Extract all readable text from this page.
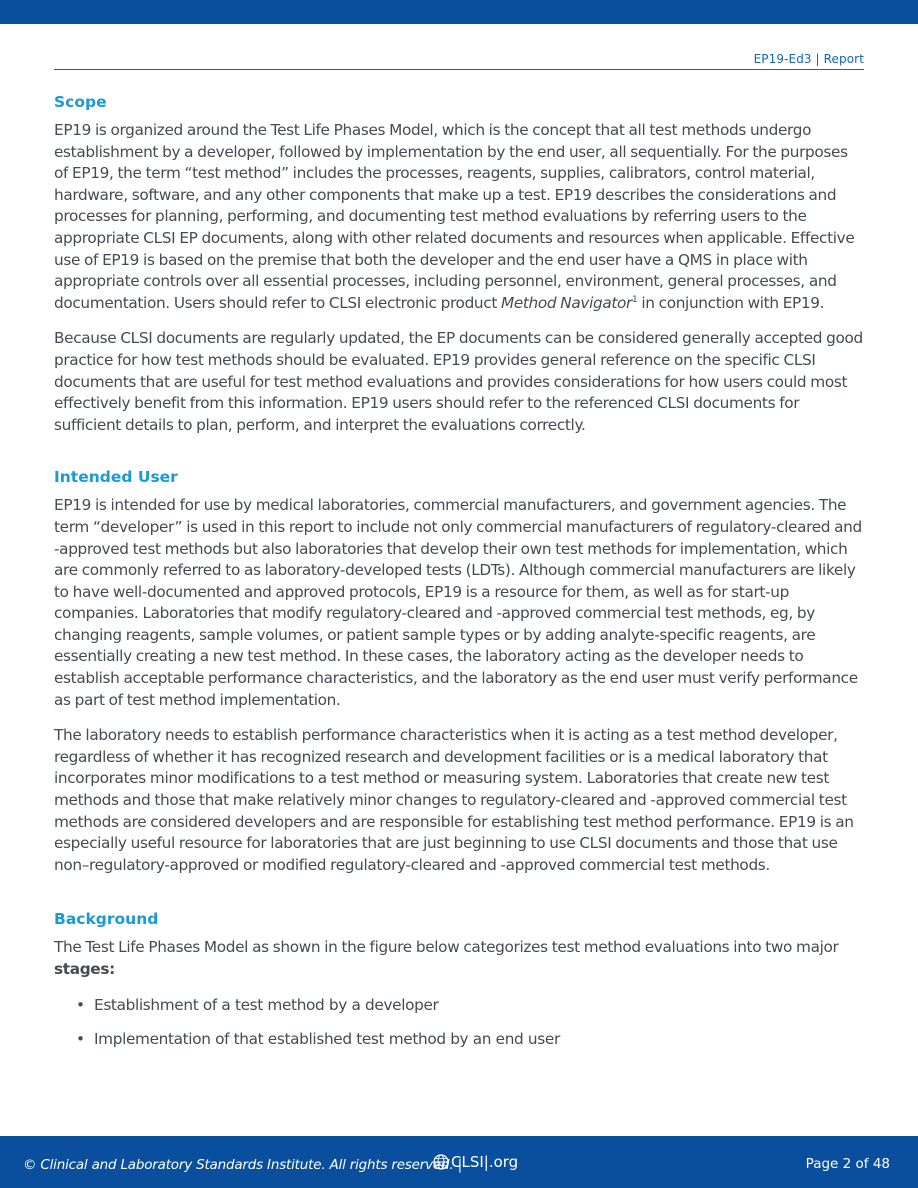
EP19-Ed3 | Report
Scope

EP19 is organized around the Test Life Phases Model, which is the concept that all test methods undergo establishment by a developer, followed by implementation by the end user, all sequentially. For the purposes of EP19, the term “test method” includes the processes, reagents, supplies, calibrators, control material, hardware, software, and any other components that make up a test. EP19 describes the considerations and processes for planning, performing, and documenting test method evaluations by referring users to the appropriate CLSI EP documents, along with other related documents and resources when applicable. Effective use of EP19 is based on the premise that both the developer and the end user have a QMS in place with appropriate controls over all essential processes, including personnel, environment, general processes, and documentation. Users should refer to CLSI electronic product Method Navigator$^1$ in conjunction with EP19.

Because CLSI documents are regularly updated, the EP documents can be considered generally accepted good practice for how test methods should be evaluated. EP19 provides general reference on the specific CLSI documents that are useful for test method evaluations and provides considerations for how users could most effectively benefit from this information. EP19 users should refer to the referenced CLSI documents for sufficient details to plan, perform, and interpret the evaluations correctly.

Intended User

EP19 is intended for use by medical laboratories, commercial manufacturers, and government agencies. The term “developer” is used in this report to include not only commercial manufacturers of regulatory-cleared and -approved test methods but also laboratories that develop their own test methods for implementation, which are commonly referred to as laboratory-developed tests (LDTs). Although commercial manufacturers are likely to have well-documented and approved protocols, EP19 is a resource for them, as well as for start-up companies. Laboratories that modify regulatory-cleared and -approved commercial test methods, eg, by changing reagents, sample volumes, or patient sample types or by adding analyte-specific reagents, are essentially creating a new test method. In these cases, the laboratory acting as the developer needs to establish acceptable performance characteristics, and the laboratory as the end user must verify performance as part of test method implementation.

The laboratory needs to establish performance characteristics when it is acting as a test method developer, regardless of whether it has recognized research and development facilities or is a medical laboratory that incorporates minor modifications to a test method or measuring system. Laboratories that create new test methods and those that make relatively minor changes to regulatory-cleared and -approved commercial test methods are considered developers and are responsible for establishing test method performance. EP19 is an especially useful resource for laboratories that are just beginning to use CLSI documents and those that use non–regulatory-approved or modified regulatory-cleared and -approved commercial test methods.

Background

The Test Life Phases Model as shown in the figure below categorizes test method evaluations into two major stages:

• Establishment of a test method by a developer
• Implementation of that established test method by an end user
© Clinical and Laboratory Standards Institute. All rights reserved. |
CLSI |.org	Page 2 of 48
